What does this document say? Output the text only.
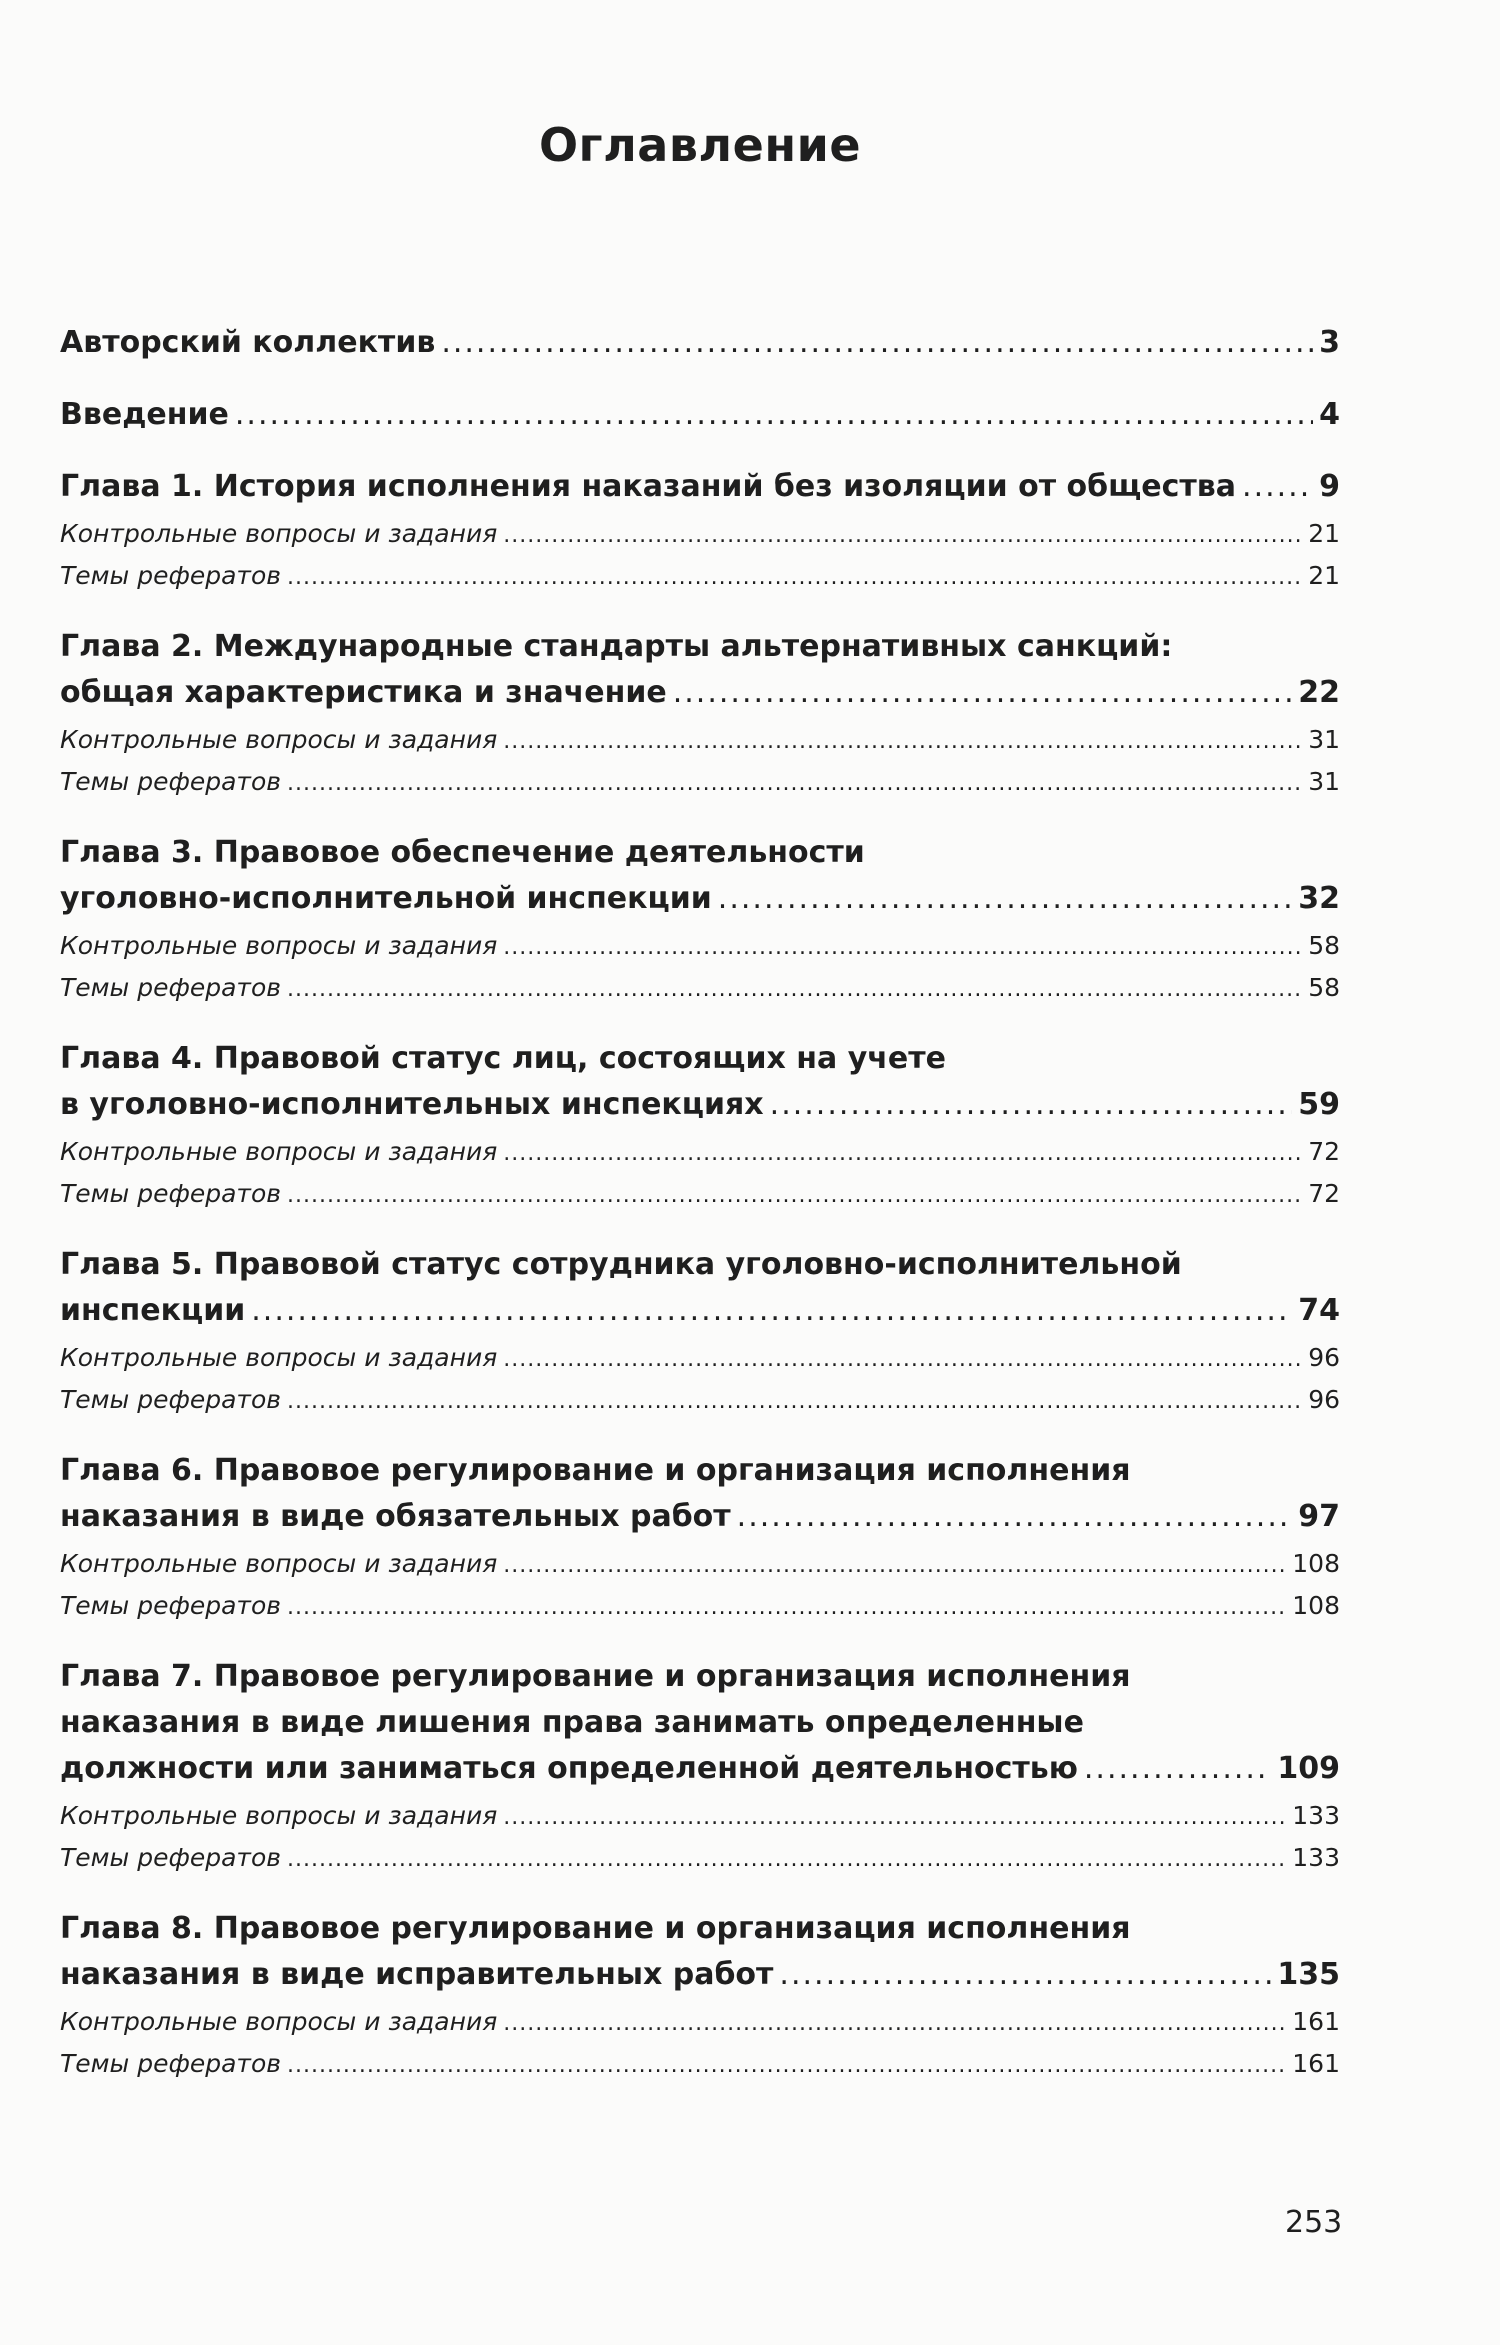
Оглавление
Авторский коллектив .....	3
Введение .....	4
Глава 1. История исполнения наказаний без изоляции от общества .....	9
Контрольные вопросы и задания .....	21
Темы рефератов .....	21
Глава 2. Международные стандарты альтернативных санкций:
общая характеристика и значение .....	22
Контрольные вопросы и задания .....	31
Темы рефератов .....	31
Глава 3. Правовое обеспечение деятельности
уголовно-исполнительной инспекции .....	32
Контрольные вопросы и задания .....	58
Темы рефератов .....	58
Глава 4. Правовой статус лиц, состоящих на учете
в уголовно-исполнительных инспекциях .....	59
Контрольные вопросы и задания .....	72
Темы рефератов .....	72
Глава 5. Правовой статус сотрудника уголовно-исполнительной
инспекции .....	74
Контрольные вопросы и задания .....	96
Темы рефератов .....	96
Глава 6. Правовое регулирование и организация исполнения
наказания в виде обязательных работ .....	97
Контрольные вопросы и задания .....	108
Темы рефератов .....	108
Глава 7. Правовое регулирование и организация исполнения
наказания в виде лишения права занимать определенные
должности или заниматься определенной деятельностью .....	109
Контрольные вопросы и задания .....	133
Темы рефератов .....	133
Глава 8. Правовое регулирование и организация исполнения
наказания в виде исправительных работ .....	135
Контрольные вопросы и задания .....	161
Темы рефератов .....	161
253
